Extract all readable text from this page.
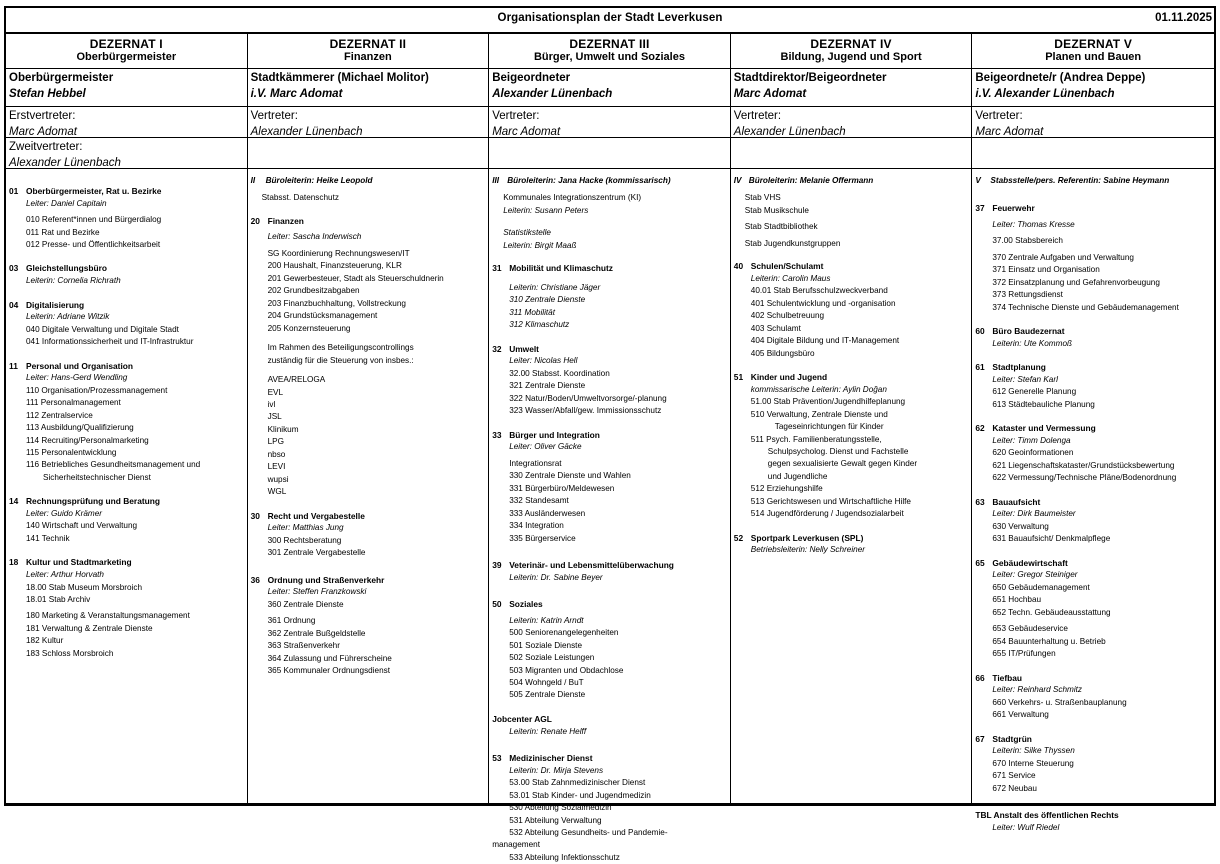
Organisationsplan der Stadt Leverkusen	01.11.2025
DEZERNAT I
Oberbürgermeister
Oberbürgermeister
Stefan Hebbel
Erstvertreter:
Marc Adomat
Zweitvertreter:
Alexander Lünenbach
01 Oberbürgermeister, Rat u. Bezirke
Leiter: Daniel Capitain
010 Referent*innen und Bürgerdialog
011 Rat und Bezirke
012 Presse- und Öffentlichkeitsarbeit
03 Gleichstellungsbüro
Leiterin: Cornelia Richrath
04 Digitalisierung
Leiterin: Adriane Witzik
040 Digitale Verwaltung und Digitale Stadt
041 Informationssicherheit und IT-Infrastruktur
11 Personal und Organisation
Leiter: Hans-Gerd Wendling
110 Organisation/Prozessmanagement
111 Personalmanagement
112 Zentralservice
113 Ausbildung/Qualifizierung
114 Recruiting/Personalmarketing
115 Personalentwicklung
116 Betriebliches Gesundheitsmanagement und
Sicherheitstechnischer Dienst
14 Rechnungsprüfung und Beratung
Leiter: Guido Krämer
140 Wirtschaft und Verwaltung
141 Technik
18 Kultur und Stadtmarketing
Leiter: Arthur Horvath
18.00 Stab Museum Morsbroich
18.01 Stab Archiv
180 Marketing & Veranstaltungsmanagement
181 Verwaltung & Zentrale Dienste
182 Kultur
183 Schloss Morsbroich
DEZERNAT II
Finanzen
Stadtkämmerer (Michael Molitor)
i.V. Marc Adomat
Vertreter:
Alexander Lünenbach
II	Büroleiterin: Heike Leopold
Stabsst. Datenschutz
20 Finanzen
Leiter: Sascha Inderwisch
SG Koordinierung Rechnungswesen/IT
200 Haushalt, Finanzsteuerung, KLR
201 Gewerbesteuer, Stadt als Steuerschuldnerin
202 Grundbesitzabgaben
203 Finanzbuchhaltung, Vollstreckung
204 Grundstücksmanagement
205 Konzernsteuerung
Im Rahmen des Beteiligungscontrollings
zuständig für die Steuerung von insbes.:
AVEA/RELOGA
EVL
ivl
JSL
Klinikum
LPG
nbso
LEVI
wupsi
WGL
30 Recht und Vergabestelle
Leiter: Matthias Jung
300 Rechtsberatung
301 Zentrale Vergabestelle
36 Ordnung und Straßenverkehr
Leiter: Steffen Franzkowski
360 Zentrale Dienste
361 Ordnung
362 Zentrale Bußgeldstelle
363 Straßenverkehr
364 Zulassung und Führerscheine
365 Kommunaler Ordnungsdienst
DEZERNAT III
Bürger, Umwelt und Soziales
Beigeordneter
Alexander Lünenbach
Vertreter:
Marc Adomat
III Büroleiterin: Jana Hacke (kommissarisch)
Kommunales Integrationszentrum (KI)
Leiterin: Susann Peters
Statistikstelle
Leiterin: Birgit Maaß
31 Mobilität und Klimaschutz
Leiterin: Christiane Jäger
310 Zentrale Dienste
311 Mobilität
312 Klimaschutz
32 Umwelt
Leiter: Nicolas Hell
32.00 Stabsst. Koordination
321 Zentrale Dienste
322 Natur/Boden/Umweltvorsorge/-planung
323 Wasser/Abfall/gew. Immissionsschutz
33 Bürger und Integration
Leiter: Oliver Gäcke
Integrationsrat
330 Zentrale Dienste und Wahlen
331 Bürgerbüro/Meldewesen
332 Standesamt
333 Ausländerwesen
334 Integration
335 Bürgerservice
39 Veterinär- und Lebensmittelüberwachung
Leiterin: Dr. Sabine Beyer
50 Soziales
Leiterin: Katrin Arndt
500 Seniorenangelegenheiten
501 Soziale Dienste
502 Soziale Leistungen
503 Migranten und Obdachlose
504 Wohngeld / BuT
505 Zentrale Dienste
Jobcenter AGL
Leiterin: Renate Helff
53 Medizinischer Dienst
Leiterin: Dr. Mirja Stevens
53.00 Stab Zahnmedizinischer Dienst
53.01 Stab Kinder- und Jugendmedizin
530 Abteilung Sozialmedizin
531 Abteilung Verwaltung
532 Abteilung Gesundheits- und Pandemie-
management
533 Abteilung Infektionsschutz
DEZERNAT IV
Bildung, Jugend und Sport
Stadtdirektor/Beigeordneter
Marc Adomat
Vertreter:
Alexander Lünenbach
IV Büroleiterin: Melanie Offermann
Stab VHS
Stab Musikschule
Stab Stadtbibliothek
Stab Jugendkunstgruppen
40 Schulen/Schulamt
Leiterin: Carolin Maus
40.01 Stab Berufsschulzweckverband
401 Schulentwicklung und -organisation
402 Schulbetreuung
403 Schulamt
404 Digitale Bildung und IT-Management
405 Bildungsbüro
51 Kinder und Jugend
kommissarische Leiterin: Aylin Doğan
51.00 Stab Prävention/Jugendhilfeplanung
510 Verwaltung, Zentrale Dienste und
Tageseinrichtungen für Kinder
511 Psych. Familienberatungsstelle,
Schulpsycholog. Dienst und Fachstelle
gegen sexualisierte Gewalt gegen Kinder
und Jugendliche
512 Erziehungshilfe
513 Gerichtswesen und Wirtschaftliche Hilfe
514 Jugendförderung / Jugendsozialarbeit
52 Sportpark Leverkusen (SPL)
Betriebsleiterin: Nelly Schreiner
DEZERNAT V
Planen und Bauen
Beigeordnete/r (Andrea Deppe)
i.V. Alexander Lünenbach
Vertreter:
Marc Adomat
V	Stabsstelle/pers. Referentin: Sabine Heymann
37 Feuerwehr
Leiter: Thomas Kresse
37.00 Stabsbereich
370 Zentrale Aufgaben und Verwaltung
371 Einsatz und Organisation
372 Einsatzplanung und Gefahrenvorbeugung
373 Rettungsdienst
374 Technische Dienste und Gebäudemanagement
60 Büro Baudezernat
Leiterin: Ute Kommoß
61 Stadtplanung
Leiter: Stefan Karl
612 Generelle Planung
613 Städtebauliche Planung
62 Kataster und Vermessung
Leiter: Timm Dolenga
620 Geoinformationen
621 Liegenschaftskataster/Grundstücksbewertung
622 Vermessung/Technische Pläne/Bodenordnung
63 Bauaufsicht
Leiter: Dirk Baumeister
630 Verwaltung
631 Bauaufsicht/ Denkmalpflege
65 Gebäudewirtschaft
Leiter: Gregor Steiniger
650 Gebäudemanagement
651 Hochbau
652 Techn. Gebäudeausstattung
653 Gebäudeservice
654 Bauunterhaltung u. Betrieb
655 IT/Prüfungen
66 Tiefbau
Leiter: Reinhard Schmitz
660 Verkehrs- u. Straßenbauplanung
661 Verwaltung
67 Stadtgrün
Leiterin: Silke Thyssen
670 Interne Steuerung
671 Service
672 Neubau
TBL Anstalt des öffentlichen Rechts
Leiter: Wulf Riedel
